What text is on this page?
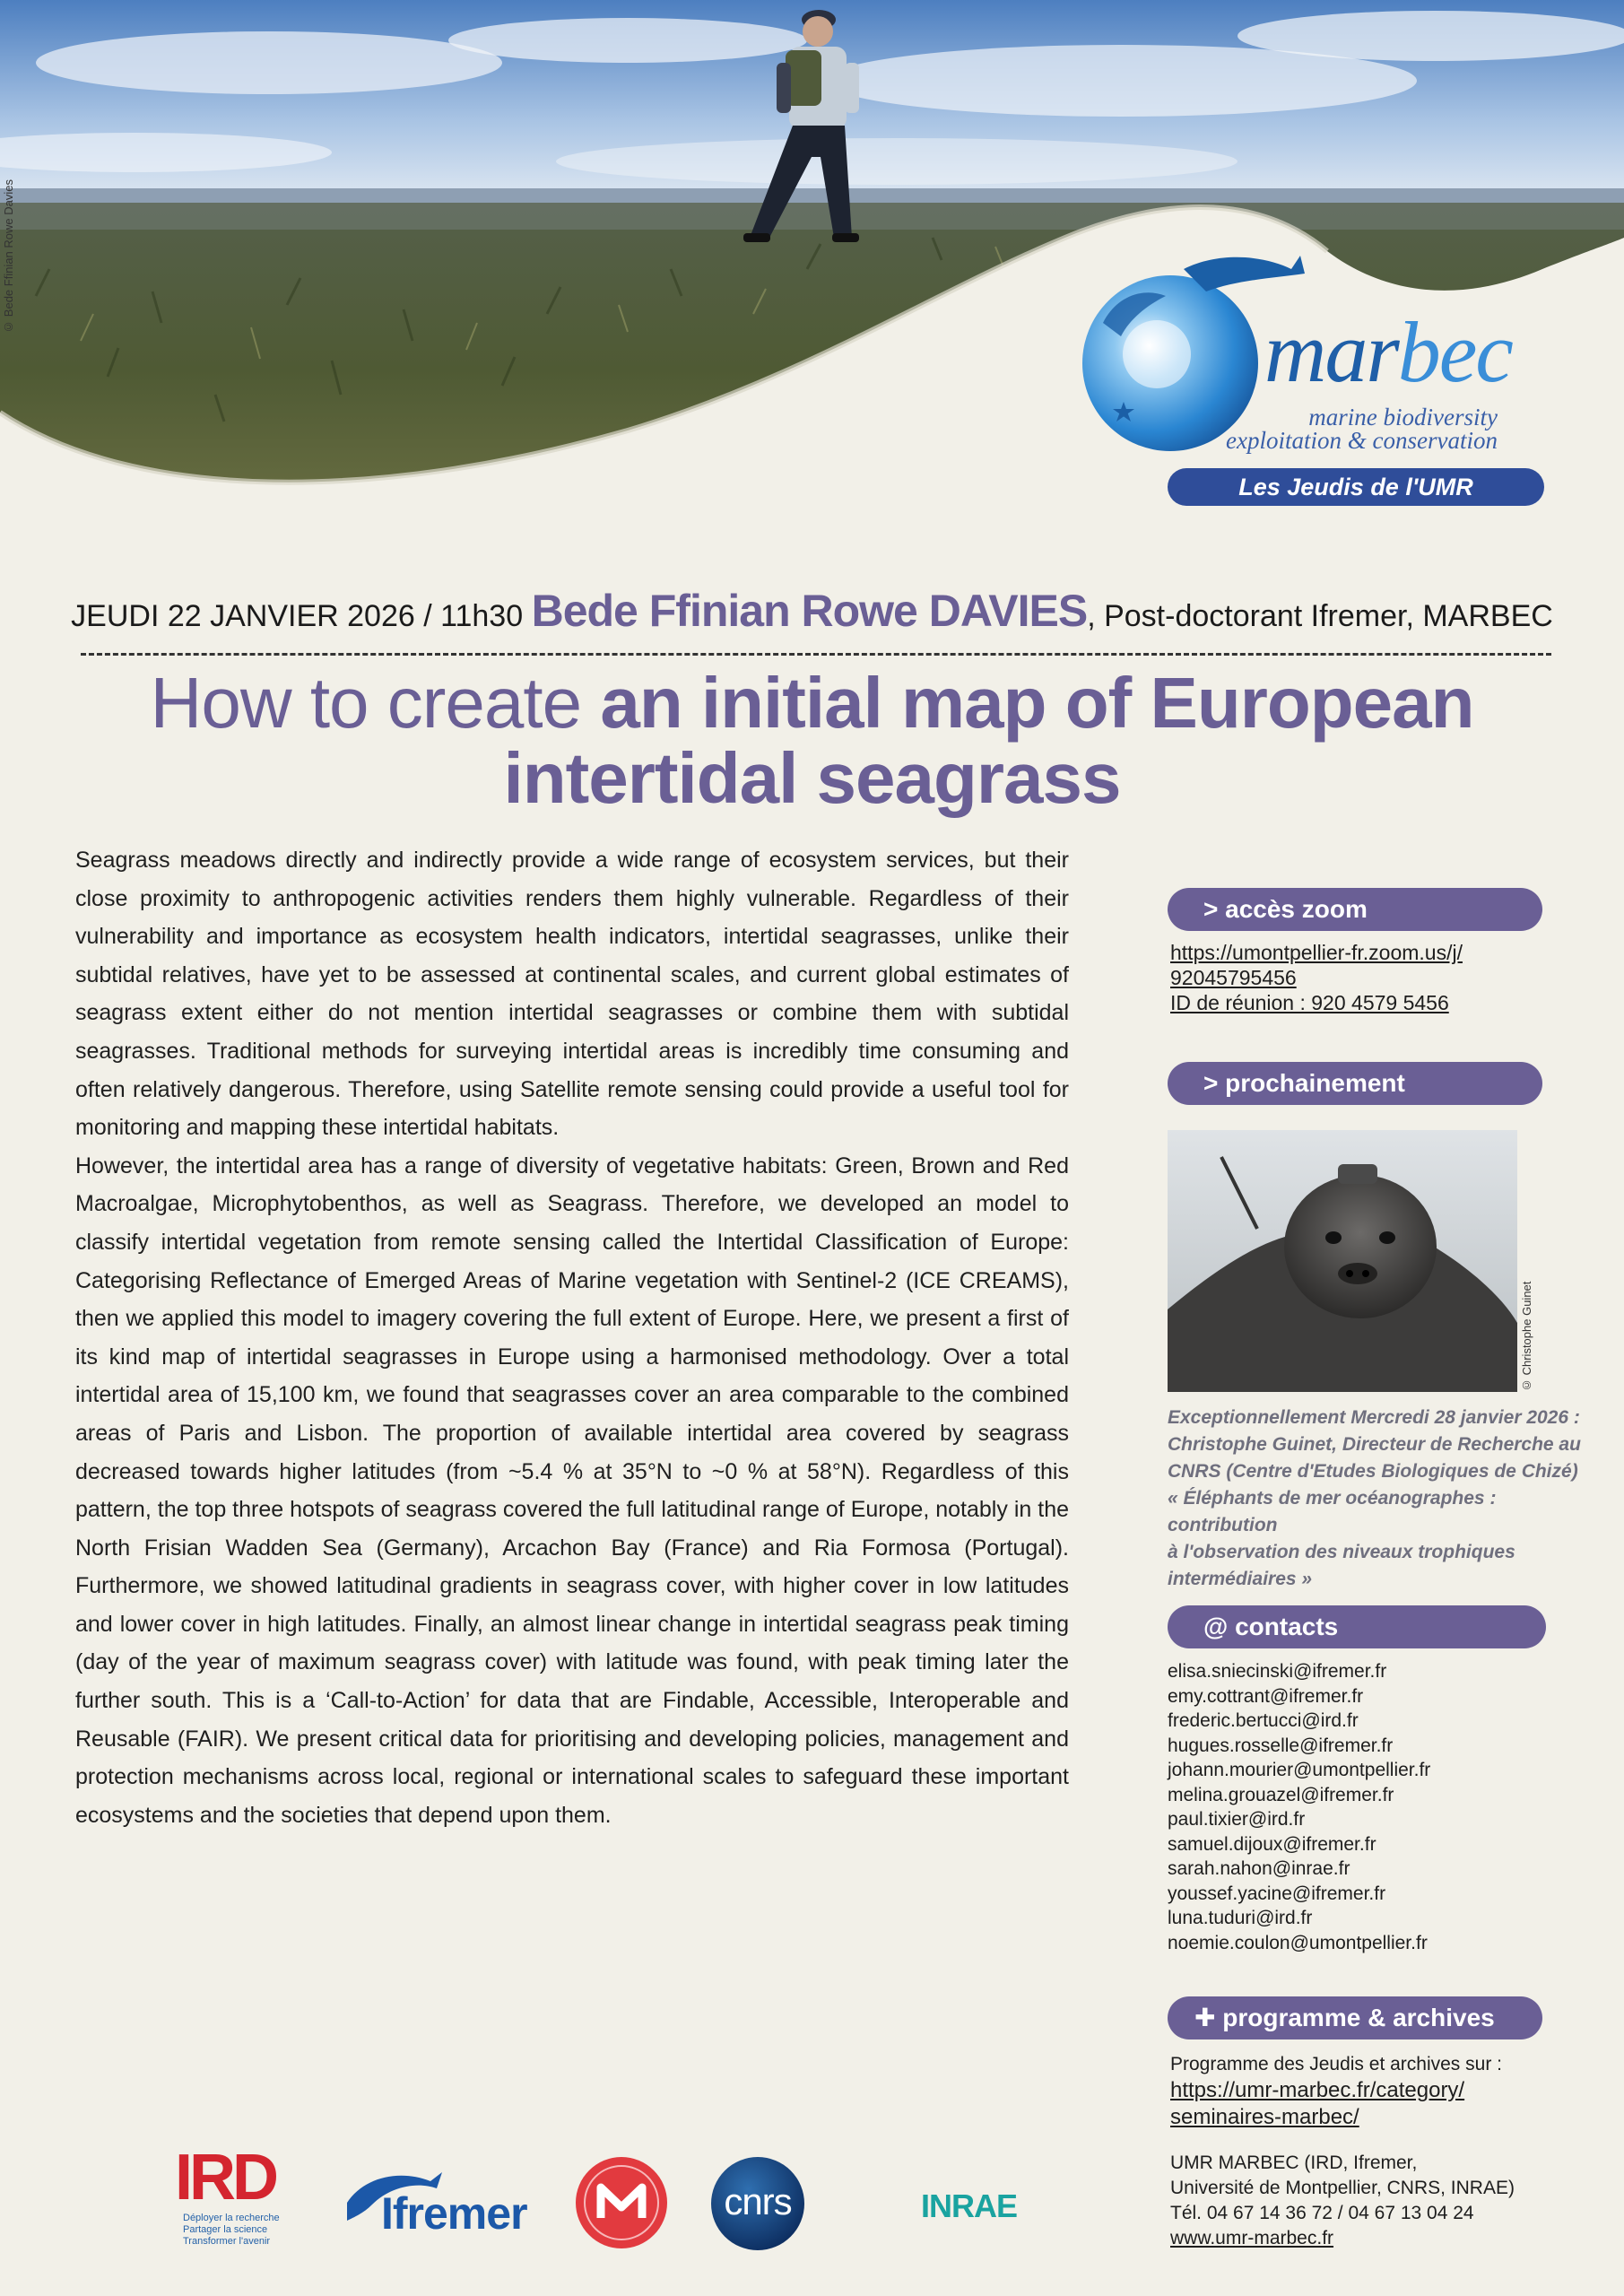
© Bede Ffinian Rowe Davies
marbec
marine biodiversity
exploitation & conservation
Les Jeudis de l'UMR
JEUDI 22 JANVIER 2026 / 11h30 Bede Ffinian Rowe DAVIES, Post-doctorant Ifremer, MARBEC
How to create an initial map of European
intertidal seagrass

Seagrass meadows directly and indirectly provide a wide range of ecosystem services, but their close proximity to anthropogenic activities renders them highly vulnerable. Regardless of their vulnerability and importance as ecosystem health indicators, intertidal seagrasses, unlike their subtidal relatives, have yet to be assessed at continental scales, and current global estimates of seagrass extent either do not mention intertidal seagrasses or combine them with subtidal seagrasses. Traditional methods for surveying intertidal areas is incredibly time consuming and often relatively dangerous. Therefore, using Satellite remote sensing could provide a useful tool for monitoring and mapping these intertidal habitats.

However, the intertidal area has a range of diversity of vegetative habitats: Green, Brown and Red Macroalgae, Microphytobenthos, as well as Seagrass. Therefore, we developed an model to classify intertidal vegetation from remote sensing called the Intertidal Classification of Europe: Categorising Reflectance of Emerged Areas of Marine vegetation with Sentinel-2 (ICE CREAMS), then we applied this model to imagery covering the full extent of Europe. Here, we present a first of its kind map of intertidal seagrasses in Europe using a harmonised methodology. Over a total intertidal area of 15,100 km, we found that seagrasses cover an area comparable to the combined areas of Paris and Lisbon. The proportion of available intertidal area covered by seagrass decreased towards higher latitudes (from ~5.4 % at 35°N to ~0 % at 58°N). Regardless of this pattern, the top three hotspots of seagrass covered the full latitudinal range of Europe, notably in the North Frisian Wadden Sea (Germany), Arcachon Bay (France) and Ria Formosa (Portugal). Furthermore, we showed latitudinal gradients in seagrass cover, with higher cover in low latitudes and lower cover in high latitudes. Finally, an almost linear change in intertidal seagrass peak timing (day of the year of maximum seagrass cover) with latitude was found, with peak timing later the further south. This is a ‘Call-to-Action’ for data that are Findable, Accessible, Interoperable and Reusable (FAIR). We present critical data for prioritising and developing policies, management and protection mechanisms across local, regional or international scales to safeguard these important ecosystems and the societies that depend upon them.

> accès zoom
https://umontpellier-fr.zoom.us/j/
92045795456
ID de réunion : 920 4579 5456
> prochainement
© Christophe Guinet
Exceptionnellement Mercredi 28 janvier 2026 :
Christophe Guinet, Directeur de Recherche au
CNRS (Centre d'Etudes Biologiques de Chizé)
« Éléphants de mer océanographes : contribution
à l'observation des niveaux trophiques
intermédiaires »
@ contacts
elisa.sniecinski@ifremer.fr
emy.cottrant@ifremer.fr
frederic.bertucci@ird.fr
hugues.rosselle@ifremer.fr
johann.mourier@umontpellier.fr
melina.grouazel@ifremer.fr
paul.tixier@ird.fr
samuel.dijoux@ifremer.fr
sarah.nahon@inrae.fr
youssef.yacine@ifremer.fr
luna.tuduri@ird.fr
noemie.coulon@umontpellier.fr
✚ programme & archives
Programme des Jeudis et archives sur :
https://umr-marbec.fr/category/
seminaires-marbec/
UMR MARBEC (IRD, Ifremer,
Université de Montpellier, CNRS, INRAE)
Tél. 04 67 14 36 72 / 04 67 13 04 24
www.umr-marbec.fr
IRD
Déployer la recherche
Partager la science
Transformer l'avenir
Ifremer	cnrs	INRAE
